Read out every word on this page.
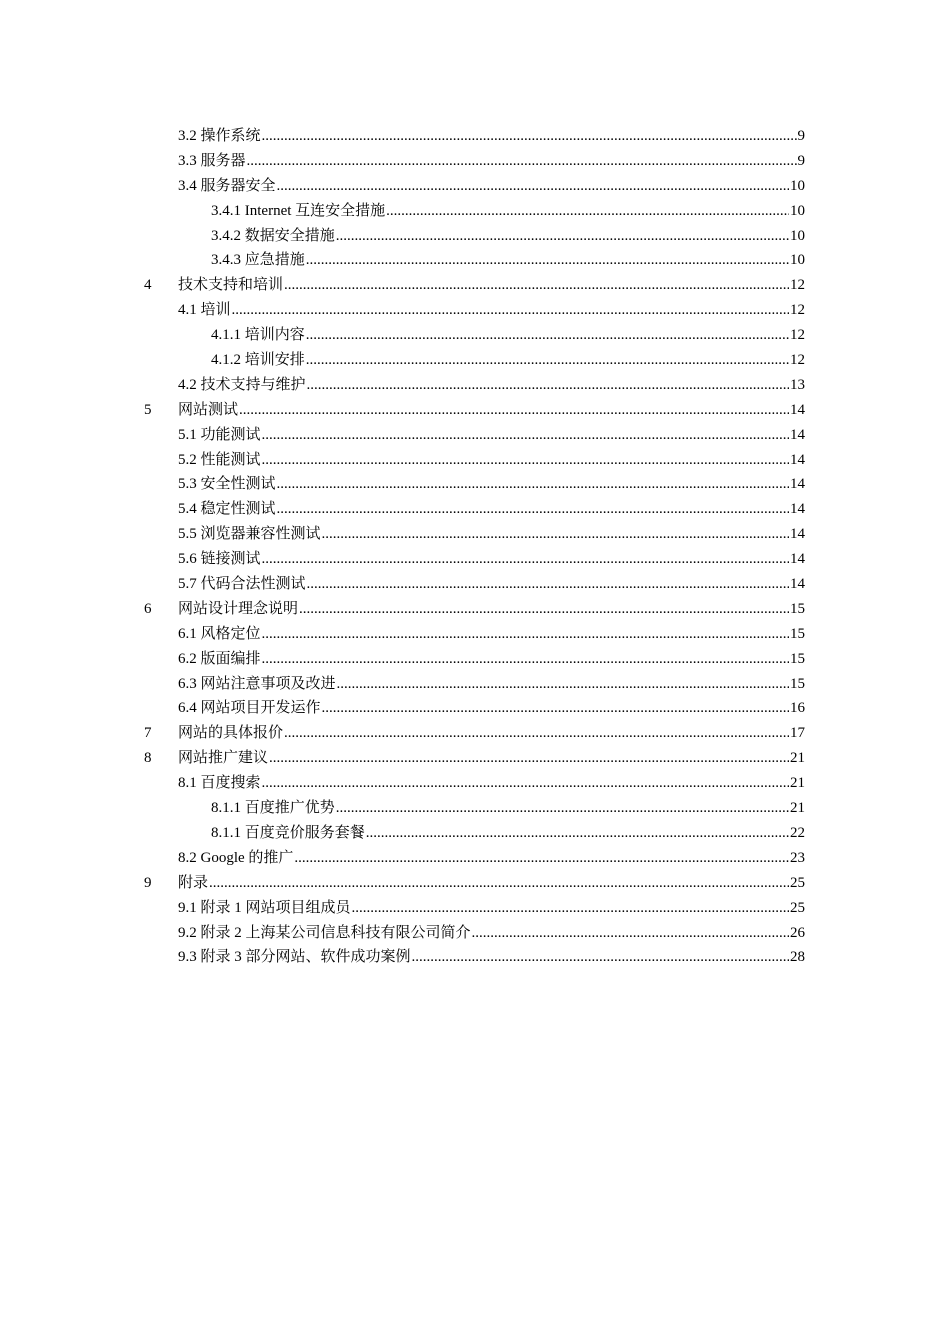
3.2 操作系统 .....	9
3.3 服务器 .....	9
3.4 服务器安全 .....	10
3.4.1 Internet 互连安全措施 .....	10
3.4.2 数据安全措施 .....	10
3.4.3 应急措施 .....	10
4 技术支持和培训 .....	12
4.1 培训 .....	12
4.1.1 培训内容 .....	12
4.1.2 培训安排 .....	12
4.2 技术支持与维护 .....	13
5 网站测试 .....	14
5.1 功能测试 .....	14
5.2 性能测试 .....	14
5.3 安全性测试 .....	14
5.4 稳定性测试 .....	14
5.5 浏览器兼容性测试 .....	14
5.6 链接测试 .....	14
5.7 代码合法性测试 .....	14
6 网站设计理念说明 .....	15
6.1 风格定位 .....	15
6.2 版面编排 .....	15
6.3 网站注意事项及改进 .....	15
6.4 网站项目开发运作 .....	16
7 网站的具体报价 .....	17
8 网站推广建议 .....	21
8.1 百度搜索 .....	21
8.1.1 百度推广优势 .....	21
8.1.1 百度竞价服务套餐 .....	22
8.2 Google 的推广 .....	23
9 附录 .....	25
9.1 附录 1 网站项目组成员 .....	25
9.2 附录 2 上海某公司信息科技有限公司简介 .....	26
9.3 附录 3 部分网站、软件成功案例 .....	28
